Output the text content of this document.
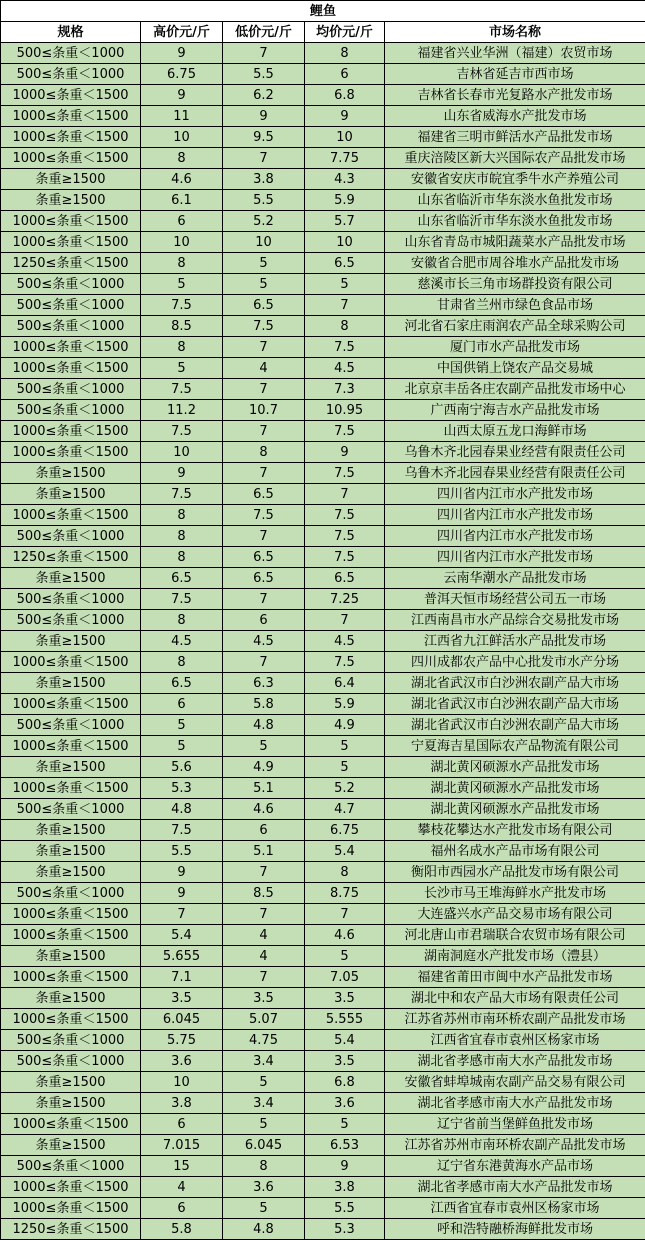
鲤鱼				
规格	高价元/斤	低价元/斤	均价元/斤	市场名称
500≤条重＜1000	9	7	8	福建省兴业华洲（福建）农贸市场
500≤条重＜1000	6.75	5.5	6	吉林省延吉市西市场
1000≤条重＜1500	9	6.2	6.8	吉林省长春市光复路水产批发市场
1000≤条重＜1500	11	9	9	山东省威海水产批发市场
1000≤条重＜1500	10	9.5	10	福建省三明市鲜活水产品批发市场
1000≤条重＜1500	8	7	7.75	重庆涪陵区新大兴国际农产品批发市场
条重≥1500	4.6	3.8	4.3	安徽省安庆市皖宜季牛水产养殖公司
条重≥1500	6.1	5.5	5.9	山东省临沂市华东淡水鱼批发市场
1000≤条重＜1500	6	5.2	5.7	山东省临沂市华东淡水鱼批发市场
1000≤条重＜1500	10	10	10	山东省青岛市城阳蔬菜水产品批发市场
1250≤条重＜1500	8	5	6.5	安徽省合肥市周谷堆水产品批发市场
500≤条重＜1000	5	5	5	慈溪市长三角市场群投资有限公司
500≤条重＜1000	7.5	6.5	7	甘肃省兰州市绿色食品市场
500≤条重＜1000	8.5	7.5	8	河北省石家庄雨润农产品全球采购公司
1000≤条重＜1500	8	7	7.5	厦门市水产品批发市场
1000≤条重＜1500	5	4	4.5	中国供销上饶农产品交易城
500≤条重＜1000	7.5	7	7.3	北京京丰岳各庄农副产品批发市场中心
500≤条重＜1000	11.2	10.7	10.95	广西南宁海吉水产品批发市场
1000≤条重＜1500	7.5	7	7.5	山西太原五龙口海鲜市场
1000≤条重＜1500	10	8	9	乌鲁木齐北园春果业经营有限责任公司
条重≥1500	9	7	7.5	乌鲁木齐北园春果业经营有限责任公司
条重≥1500	7.5	6.5	7	四川省内江市水产批发市场
1000≤条重＜1500	8	7.5	7.5	四川省内江市水产批发市场
500≤条重＜1000	8	7	7.5	四川省内江市水产批发市场
1250≤条重＜1500	8	6.5	7.5	四川省内江市水产批发市场
条重≥1500	6.5	6.5	6.5	云南华潮水产品批发市场
500≤条重＜1000	7.5	7	7.25	普洱天恒市场经营公司五一市场
500≤条重＜1000	8	6	7	江西南昌市水产品综合交易批发市场
条重≥1500	4.5	4.5	4.5	江西省九江鲜活水产品批发市场
1000≤条重＜1500	8	7	7.5	四川成都农产品中心批发市水产分场
条重≥1500	6.5	6.3	6.4	湖北省武汉市白沙洲农副产品大市场
1000≤条重＜1500	6	5.8	5.9	湖北省武汉市白沙洲农副产品大市场
500≤条重＜1000	5	4.8	4.9	湖北省武汉市白沙洲农副产品大市场
1000≤条重＜1500	5	5	5	宁夏海吉星国际农产品物流有限公司
条重≥1500	5.6	4.9	5	湖北黄冈硕源水产品批发市场
1000≤条重＜1500	5.3	5.1	5.2	湖北黄冈硕源水产品批发市场
500≤条重＜1000	4.8	4.6	4.7	湖北黄冈硕源水产品批发市场
条重≥1500	7.5	6	6.75	攀枝花攀达水产批发市场有限公司
条重≥1500	5.5	5.1	5.4	福州名成水产品市场有限公司
条重≥1500	9	7	8	衡阳市西园水产品批发市场有限公司
500≤条重＜1000	9	8.5	8.75	长沙市马王堆海鲜水产批发市场
1000≤条重＜1500	7	7	7	大连盛兴水产品交易市场有限公司
1000≤条重＜1500	5.4	4	4.6	河北唐山市君瑞联合农贸市场有限公司
条重≥1500	5.655	4	5	湖南洞庭水产批发市场（澧县）
1000≤条重＜1500	7.1	7	7.05	福建省莆田市闽中水产品批发市场
条重≥1500	3.5	3.5	3.5	湖北中和农产品大市场有限责任公司
1000≤条重＜1500	6.045	5.07	5.555	江苏省苏州市南环桥农副产品批发市场
500≤条重＜1000	5.75	4.75	5.4	江西省宜春市袁州区杨家市场
500≤条重＜1000	3.6	3.4	3.5	湖北省孝感市南大水产品批发市场
条重≥1500	10	5	6.8	安徽省蚌埠城南农副产品交易有限公司
条重≥1500	3.8	3.4	3.6	湖北省孝感市南大水产品批发市场
1000≤条重＜1500	6	5	5	辽宁省前当堡鲜鱼批发市场
条重≥1500	7.015	6.045	6.53	江苏省苏州市南环桥农副产品批发市场
500≤条重＜1000	15	8	9	辽宁省东港黄海水产品市场
1000≤条重＜1500	4	3.6	3.8	湖北省孝感市南大水产品批发市场
1000≤条重＜1500	6	5	5.5	江西省宜春市袁州区杨家市场
1250≤条重＜1500	5.8	4.8	5.3	呼和浩特融桥海鲜批发市场
